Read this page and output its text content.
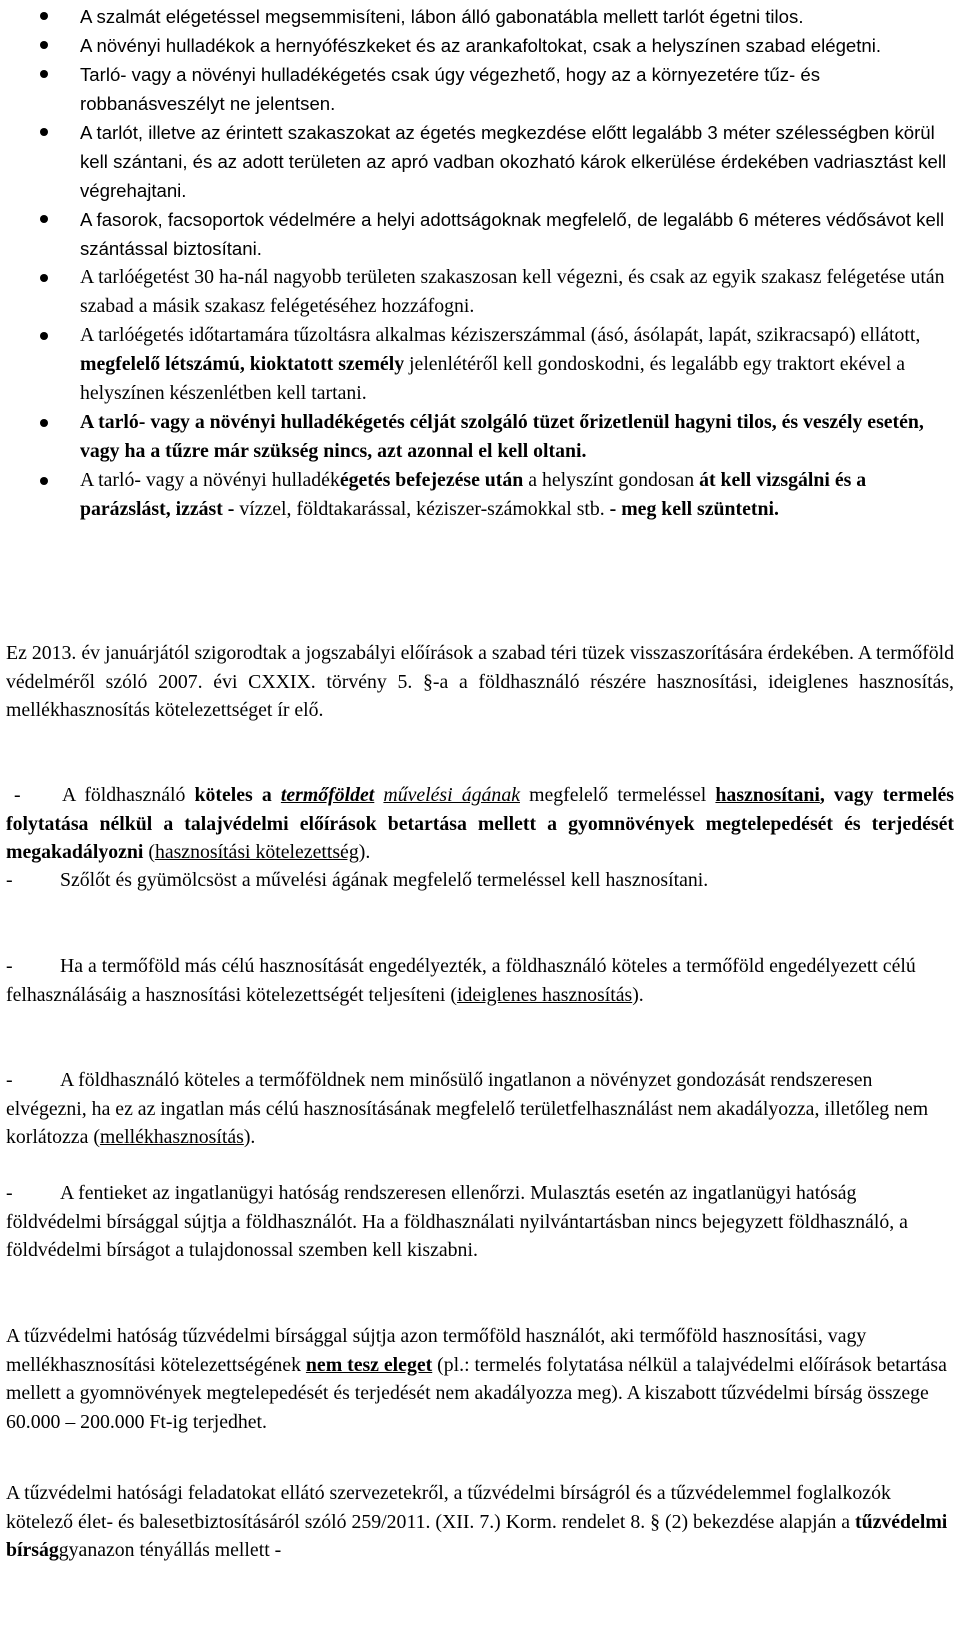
A szalmát elégetéssel megsemmisíteni, lábon álló gabonatábla mellett tarlót égetni tilos.
A növényi hulladékok a hernyófészkeket és az arankafoltokat, csak a helyszínen szabad elégetni.
Tarló- vagy a növényi hulladékégetés csak úgy végezhető, hogy az a környezetére tűz- és robbanásveszélyt ne jelentsen.
A tarlót, illetve az érintett szakaszokat az égetés megkezdése előtt legalább 3 méter szélességben körül kell szántani, és az adott területen az apró vadban okozható károk elkerülése érdekében vadriasztást kell végrehajtani.
A fasorok, facsoportok védelmére a helyi adottságoknak megfelelő, de legalább 6 méteres védősávot kell szántással biztosítani.
A tarlóégetést 30 ha-nál nagyobb területen szakaszosan kell végezni, és csak az egyik szakasz felégetése után szabad a másik szakasz felégetéséhez hozzáfogni.
A tarlóégetés időtartamára tűzoltásra alkalmas kéziszerszámmal (ásó, ásólapát, lapát, szikracsapó) ellátott, megfelelő létszámú, kioktatott személy jelenlétéről kell gondoskodni, és legalább egy traktort ekével a helyszínen készenlétben kell tartani.
A tarló- vagy a növényi hulladékégetés célját szolgáló tüzet őrizetlenül hagyni tilos, és veszély esetén, vagy ha a tűzre már szükség nincs, azt azonnal el kell oltani.
A tarló- vagy a növényi hulladékégetés befejezése után a helyszínt gondosan át kell vizsgálni és a parázslást, izzást - vízzel, földtakarással, kéziszer-számokkal stb. - meg kell szüntetni.

Ez 2013. év januárjától szigorodtak a jogszabályi előírások a szabad téri tüzek visszaszorítására érdekében. A termőföld védelméről szóló 2007. évi CXXIX. törvény 5. §-a a földhasználó részére hasznosítási, ideiglenes hasznosítás, mellékhasznosítás kötelezettséget ír elő.

-A földhasználó köteles a termőföldet művelési ágának megfelelő termeléssel hasznosítani, vagy termelés folytatása nélkül a talajvédelmi előírások betartása mellett a gyomnövények megtelepedését és terjedését megakadályozni (hasznosítási kötelezettség).

- Szőlőt és gyümölcsöst a művelési ágának megfelelő termeléssel kell hasznosítani.

- Ha a termőföld más célú hasznosítását engedélyezték, a földhasználó köteles a termőföld engedélyezett célú felhasználásáig a hasznosítási kötelezettségét teljesíteni (ideiglenes hasznosítás).

- A földhasználó köteles a termőföldnek nem minősülő ingatlanon a növényzet gondozását rendszeresen elvégezni, ha ez az ingatlan más célú hasznosításának megfelelő területfelhasználást nem akadályozza, illetőleg nem korlátozza (mellékhasznosítás).

- A fentieket az ingatlanügyi hatóság rendszeresen ellenőrzi. Mulasztás esetén az ingatlanügyi hatóság földvédelmi bírsággal sújtja a földhasználót. Ha a földhasználati nyilvántartásban nincs bejegyzett földhasználó, a földvédelmi bírságot a tulajdonossal szemben kell kiszabni.

A tűzvédelmi hatóság tűzvédelmi bírsággal sújtja azon termőföld használót, aki termőföld hasznosítási, vagy mellékhasznosítási kötelezettségének nem tesz eleget (pl.: termelés folytatása nélkül a talajvédelmi előírások betartása mellett a gyomnövények megtelepedését és terjedését nem akadályozza meg). A kiszabott tűzvédelmi bírság összege 60.000 – 200.000 Ft-ig terjedhet.

A tűzvédelmi hatósági feladatokat ellátó szervezetekről, a tűzvédelmi bírságról és a tűzvédelemmel foglalkozók kötelező élet- és balesetbiztosításáról szóló 259/2011. (XII. 7.) Korm. rendelet 8. § (2) bekezdése alapján a tűzvédelmi bírsággyanazon tényállás mellett -
